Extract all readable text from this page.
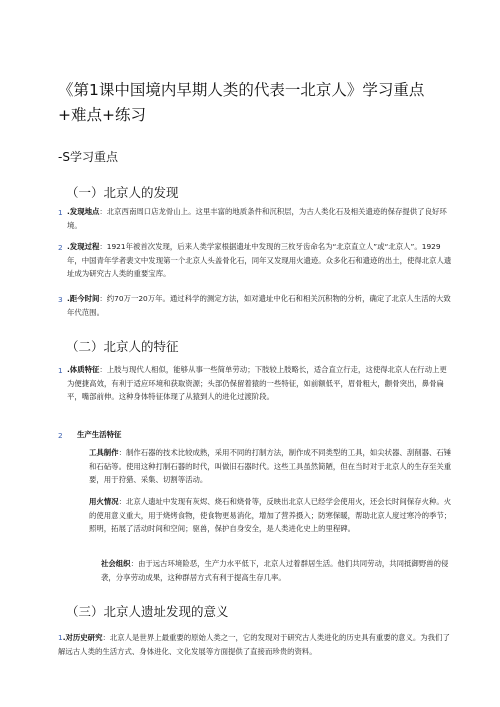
《第1课中国境内早期人类的代表一北京人》学习重点+难点+练习
-S学习重点
（一）北京人的发现
1 .发现地点：北京西南周口店龙骨山上。这里丰富的地质条件和沉积层，为古人类化石及相关遗迹的保存提供了良好环境。
2 .发现过程：1921年被首次发现，后来人类学家根据遗址中发现的三枚牙齿命名为“北京直立人”或“北京人”。1929年，中国青年学者裴文中发现第一个北京人头盖骨化石，同年又发现用火遗迹。众多化石和遗迹的出土，使得北京人遗址成为研究古人类的重要宝库。
3 .距今时间：约70万一20万年。通过科学的测定方法，如对遗址中化石和相关沉积物的分析，确定了北京人生活的大致年代范围。
（二）北京人的特征
1 .体质特征：上肢与现代人相似，能够从事一些简单劳动；下肢较上肢略长，适合直立行走，这使得北京人在行动上更为便捷高效，有利于适应环境和获取资源；头部仍保留着猿的一些特征，如前额低平，眉骨粗大，颧骨突出，鼻骨扁平，嘴部前伸。这种身体特征体现了从猿到人的进化过渡阶段。
2 生产生活特征
工具制作：制作石器的技术比较成熟，采用不同的打制方法，制作成不同类型的工具，如尖状器、刮削器、石锤和石砧等。使用这种打制石器的时代，叫做旧石器时代。这些工具虽然简陋，但在当时对于北京人的生存至关重要，用于狩猎、采集、切割等活动。
用火情况：北京人遗址中发现有灰烬、烧石和烧骨等，反映出北京人已经学会使用火，还会长时间保存火种。火的使用意义重大，用于烧烤食物，使食物更易消化，增加了营养摄入；防寒保暖，帮助北京人度过寒冷的季节；照明，拓展了活动时间和空间；驱兽，保护自身安全，是人类进化史上的里程碑。
社会组织：由于远古环境险恶，生产力水平低下，北京人过着群居生活。他们共同劳动，共同抵御野兽的侵袭，分享劳动成果，这种群居方式有利于提高生存几率。
（三）北京人遗址发现的意义
1.对历史研究：北京人是世界上最重要的原始人类之一，它的发现对于研究古人类进化的历史具有重要的意义。为我们了解远古人类的生活方式、身体进化、文化发展等方面提供了直接而珍贵的资料。
